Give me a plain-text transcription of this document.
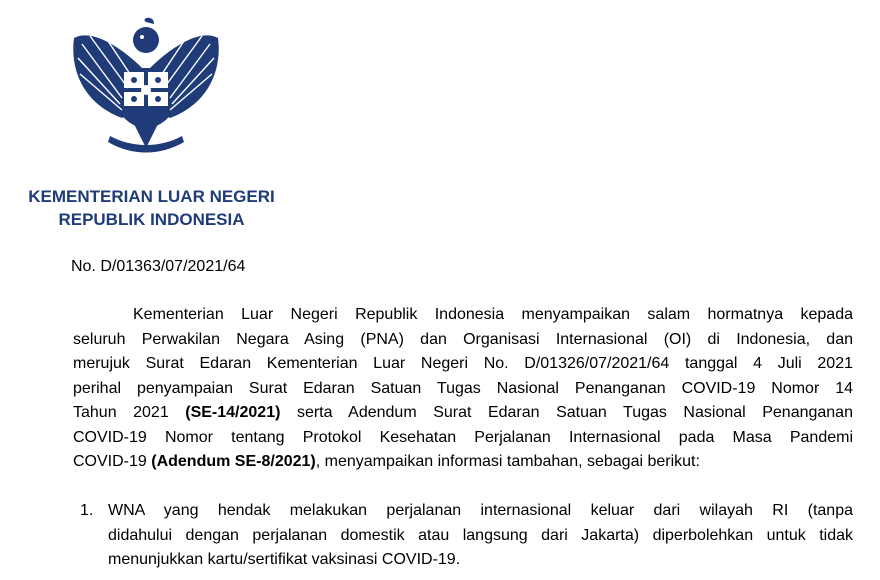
KEMENTERIAN LUAR NEGERI
REPUBLIK INDONESIA
No. D/01363/07/2021/64
Kementerian Luar Negeri Republik Indonesia menyampaikan salam hormatnya kepada
seluruh Perwakilan Negara Asing (PNA) dan Organisasi Internasional (OI) di Indonesia, dan
merujuk Surat Edaran Kementerian Luar Negeri No. D/01326/07/2021/64 tanggal 4 Juli 2021
perihal penyampaian Surat Edaran Satuan Tugas Nasional Penanganan COVID-19 Nomor 14
Tahun 2021 (SE-14/2021) serta Adendum Surat Edaran Satuan Tugas Nasional Penanganan
COVID-19 Nomor tentang Protokol Kesehatan Perjalanan Internasional pada Masa Pandemi
COVID-19 (Adendum SE-8/2021), menyampaikan informasi tambahan, sebagai berikut:
1. WNA yang hendak melakukan perjalanan internasional keluar dari wilayah RI (tanpa
didahului dengan perjalanan domestik atau langsung dari Jakarta) diperbolehkan untuk tidak
menunjukkan kartu/sertifikat vaksinasi COVID-19.
